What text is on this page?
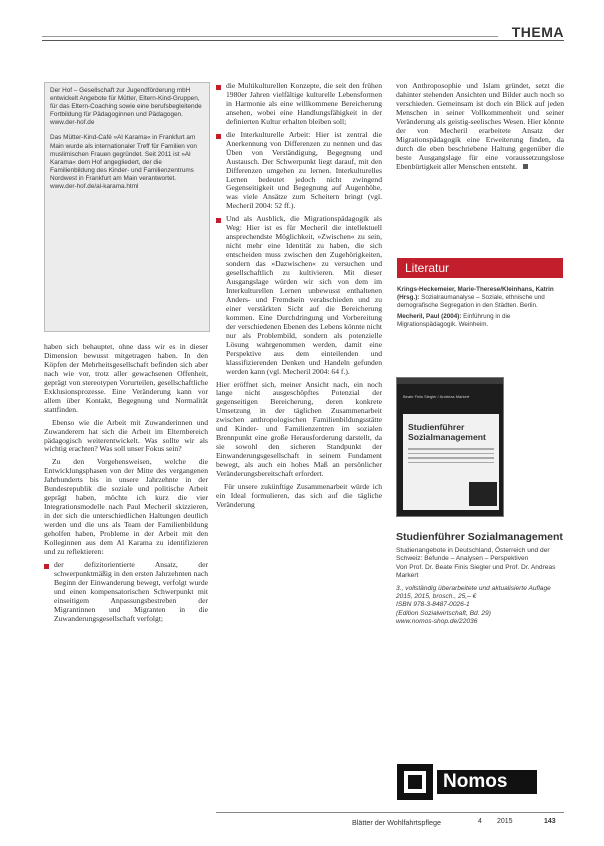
THEMA
Der Hof – Gesellschaft zur Jugendförderung mbH entwickelt Angebote für Mütter, Eltern-Kind-Gruppen, für das Eltern-Coaching sowie eine berufsbegleitende Fortbildung für Pädagoginnen und Pädagogen.
www.der-hof.de
Das Mütter-Kind-Café »Al Karama« in Frankfurt am Main wurde als internationaler Treff für Familien von muslimischen Frauen gegründet. Seit 2011 ist »Al Karama« dem Hof angegliedert, der die Familienbildung des Kinder- und Familienzentrums Nordwest in Frankfurt am Main verantwortet.
www.der-hof.de/al-karama.html

haben sich behauptet, ohne dass wir es in dieser Dimension bewusst mitgetragen haben. In den Köpfen der Mehrheitsgesellschaft befinden sich aber nach wie vor, trotz aller gewachsenen Offenheit, geprägt von stereotypen Vorurteilen, gesellschaftliche Exklusionsprozesse. Eine Veränderung kann vor allem über Kontakt, Begegnung und Normalität stattfinden.

Ebenso wie die Arbeit mit Zuwanderinnen und Zuwanderern hat sich die Arbeit im Elternbereich pädagogisch weiterentwickelt. Was sollte wir als wichtig erachten? Was soll unser Fokus sein?

Zu den Vorgehensweisen, welche die Entwicklungsphasen von der Mitte des vergangenen Jahrhunderts bis in unsere Jahrzehnte in der Bundesrepublik die soziale und politische Arbeit geprägt haben, möchte ich kurz die vier Integrationsmodelle nach Paul Mecheril skizzieren, in der sich die unterschiedlichen Haltungen deutlich werden und die uns als Team der Familienbildung geholfen haben, Probleme in der Arbeit mit den Kolleginnen aus dem Al Karama zu identifizieren und zu reflektieren:

der defizitorientierte Ansatz, der schwerpunktmäßig in den ersten Jahrzehnten nach Beginn der Einwanderung bewegt, verfolgt wurde und einen kompensatorischen Schwerpunkt mit einseitigem Anpassungsbestreben der Migrantinnen und Migranten in die Zuwanderungsgesellschaft verfolgt;
die Multikulturellen Konzepte, die seit den frühen 1980er Jahren vielfältige kulturelle Lebensformen in Harmonie als eine willkommene Bereicherung ansehen, wobei eine Handlungsfähigkeit in der definierten Kultur erhalten bleiben soll;
die Interkulturelle Arbeit: Hier ist zentral die Anerkennung von Differenzen zu nennen und das Üben von Verständigung, Begegnung und Austausch. Der Schwerpunkt liegt darauf, mit den Differenzen umgehen zu lernen. Interkulturelles Lernen bedeutet jedoch nicht zwingend Gegenseitigkeit und Begegnung auf Augenhöhe, was viele Ansätze zum Scheitern bringt (vgl. Mecheril 2004: 52 ff.).
Und als Ausblick, die Migrationspädagogik als Weg: Hier ist es für Mecheril die intellektuell ansprechendste Möglichkeit, »Zwischen« zu sein, nicht mehr eine Identität zu haben, die sich entscheiden muss zwischen den Zugehörigkeiten, sondern das »Dazwischen« zu versuchen und gesellschaftlich zu kultivieren. Mit dieser Ausgangslage würden wir sich von dem im Interkulturellen Lernen unbewusst enthaltenen Anders- und Fremdsein verabschieden und zu einer verstärkten Sicht auf die Bereicherung kommen. Eine Durchdringung und Vorbereitung der verschiedenen Ebenen des Lebens könnte nicht nur als Problembild, sondern als potenzielle Lösung wahrgenommen werden, damit eine Perspektive aus dem einteilenden und klassifizierenden Denken und Handeln gefunden werden kann (vgl. Mecheril 2004: 64 f.).

Hier eröffnet sich, meiner Ansicht nach, ein noch lange nicht ausgeschöpftes Potenzial der gegenseitigen Bereicherung, deren konkrete Umsetzung in der täglichen Zusammenarbeit zwischen anthropologischen Familienbildungsstätte und Kinder- und Familienzentren im sozialen Brennpunkt eine große Herausforderung darstellt, da sie sowohl den sicheren Standpunkt der Einwanderungsgesellschaft in seinem Fundament bewegt, als auch ein hohes Maß an persönlicher Veränderungsbereitschaft erfordert.

Für unsere zukünftige Zusammenarbeit würde ich ein Ideal formulieren, das sich auf die tägliche Veränderung

von Anthroposophie und Islam gründet, setzt die dahinter stehenden Ansichten und Bilder auch noch so verschieden. Gemeinsam ist doch ein Blick auf jeden Menschen in seiner Vollkommenheit und seiner Veränderung als geistig-seelisches Wesen. Hier könnte der von Mecheril erarbeitete Ansatz der Migrationspädagogik eine Erweiterung finden, da durch die eben beschriebene Haltung gegenüber die beste Ausgangslage für eine voraussetzungslose Ebenbürtigkeit aller Menschen entsteht.

Literatur

Krings-Heckemeier, Marie-Therese/Kleinhans, Katrin (Hrsg.): Sozialraumanalyse – Soziale, ethnische und demografische Segregation in den Städten. Berlin.

Mecheril, Paul (2004): Einführung in die Migrationspädagogik. Weinheim.

Beate Finis Siegler / Andreas Markert
Studienführer Sozialmanagement
Studienführer Sozialmanagement

Studienangebote in Deutschland, Österreich und der Schweiz: Befunde – Analysen – Perspektiven

Von Prof. Dr. Beate Finis Siegler und Prof. Dr. Andreas Markert

3., vollständig überarbeitete und aktualisierte Auflage 2015, 2015, brosch., 25,– €

ISBN 978-3-8487-0026-1

(Edition Sozialwirtschaft, Bd. 29)

www.nomos-shop.de/22036

Nomos
Blätter der Wohlfahrtspflege	4 2015	143
